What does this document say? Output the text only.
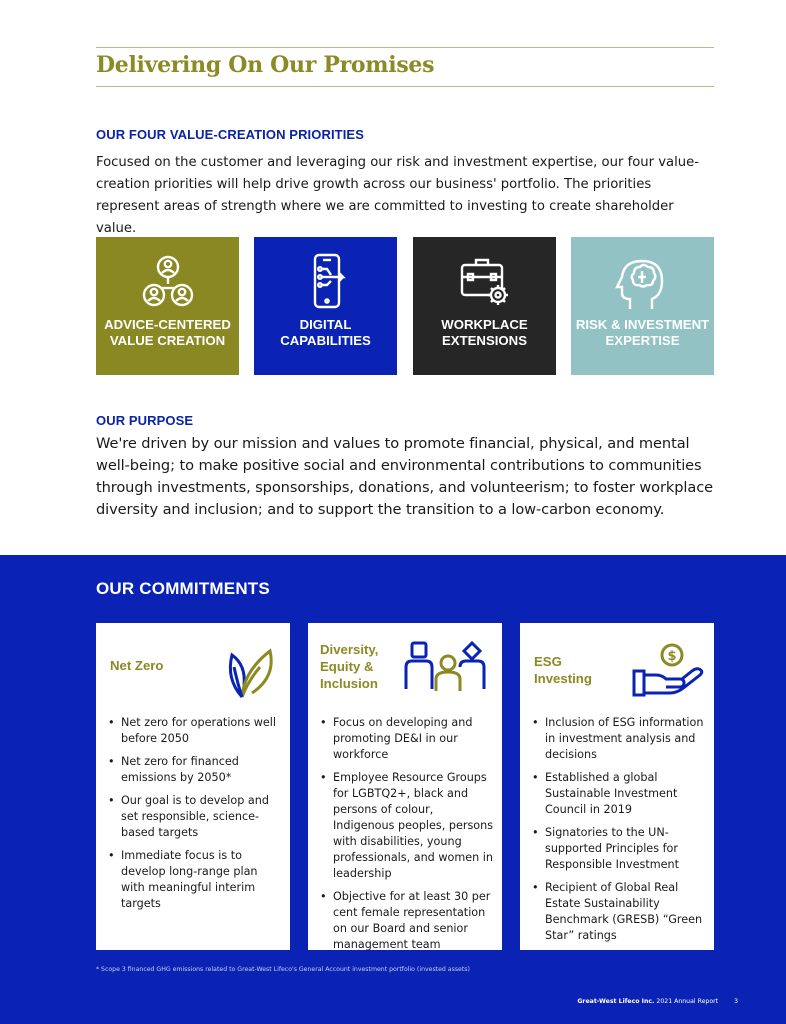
Delivering On Our Promises
OUR FOUR VALUE-CREATION PRIORITIES

Focused on the customer and leveraging our risk and investment expertise, our four value-creation priorities will help drive growth across our business' portfolio. The priorities represent areas of strength where we are committed to investing to create shareholder value.

ADVICE-CENTERED VALUE CREATION
DIGITAL CAPABILITIES
WORKPLACE EXTENSIONS
RISK & INVESTMENT EXPERTISE
OUR PURPOSE

We're driven by our mission and values to promote financial, physical, and mental well-being; to make positive social and environmental contributions to communities through investments, sponsorships, donations, and volunteerism; to foster workplace diversity and inclusion; and to support the transition to a low-carbon economy.

OUR COMMITMENTS
Net Zero
• Net zero for operations well before 2050
• Net zero for financed emissions by 2050*
• Our goal is to develop and set responsible, science-based targets
• Immediate focus is to develop long-range plan with meaningful interim targets
Diversity, Equity & Inclusion
• Focus on developing and promoting DE&I in our workforce
• Employee Resource Groups for LGBTQ2+, black and persons of colour, Indigenous peoples, persons with disabilities, young professionals, and women in leadership
• Objective for at least 30 per cent female representation on our Board and senior management team
ESG Investing
$
• Inclusion of ESG information in investment analysis and decisions
• Established a global Sustainable Investment Council in 2019
• Signatories to the UN-supported Principles for Responsible Investment
• Recipient of Global Real Estate Sustainability Benchmark (GRESB) “Green Star” ratings
* Scope 3 financed GHG emissions related to Great-West Lifeco's General Account investment portfolio (invested assets)
Great-West Lifeco Inc. 2021 Annual Report	3
